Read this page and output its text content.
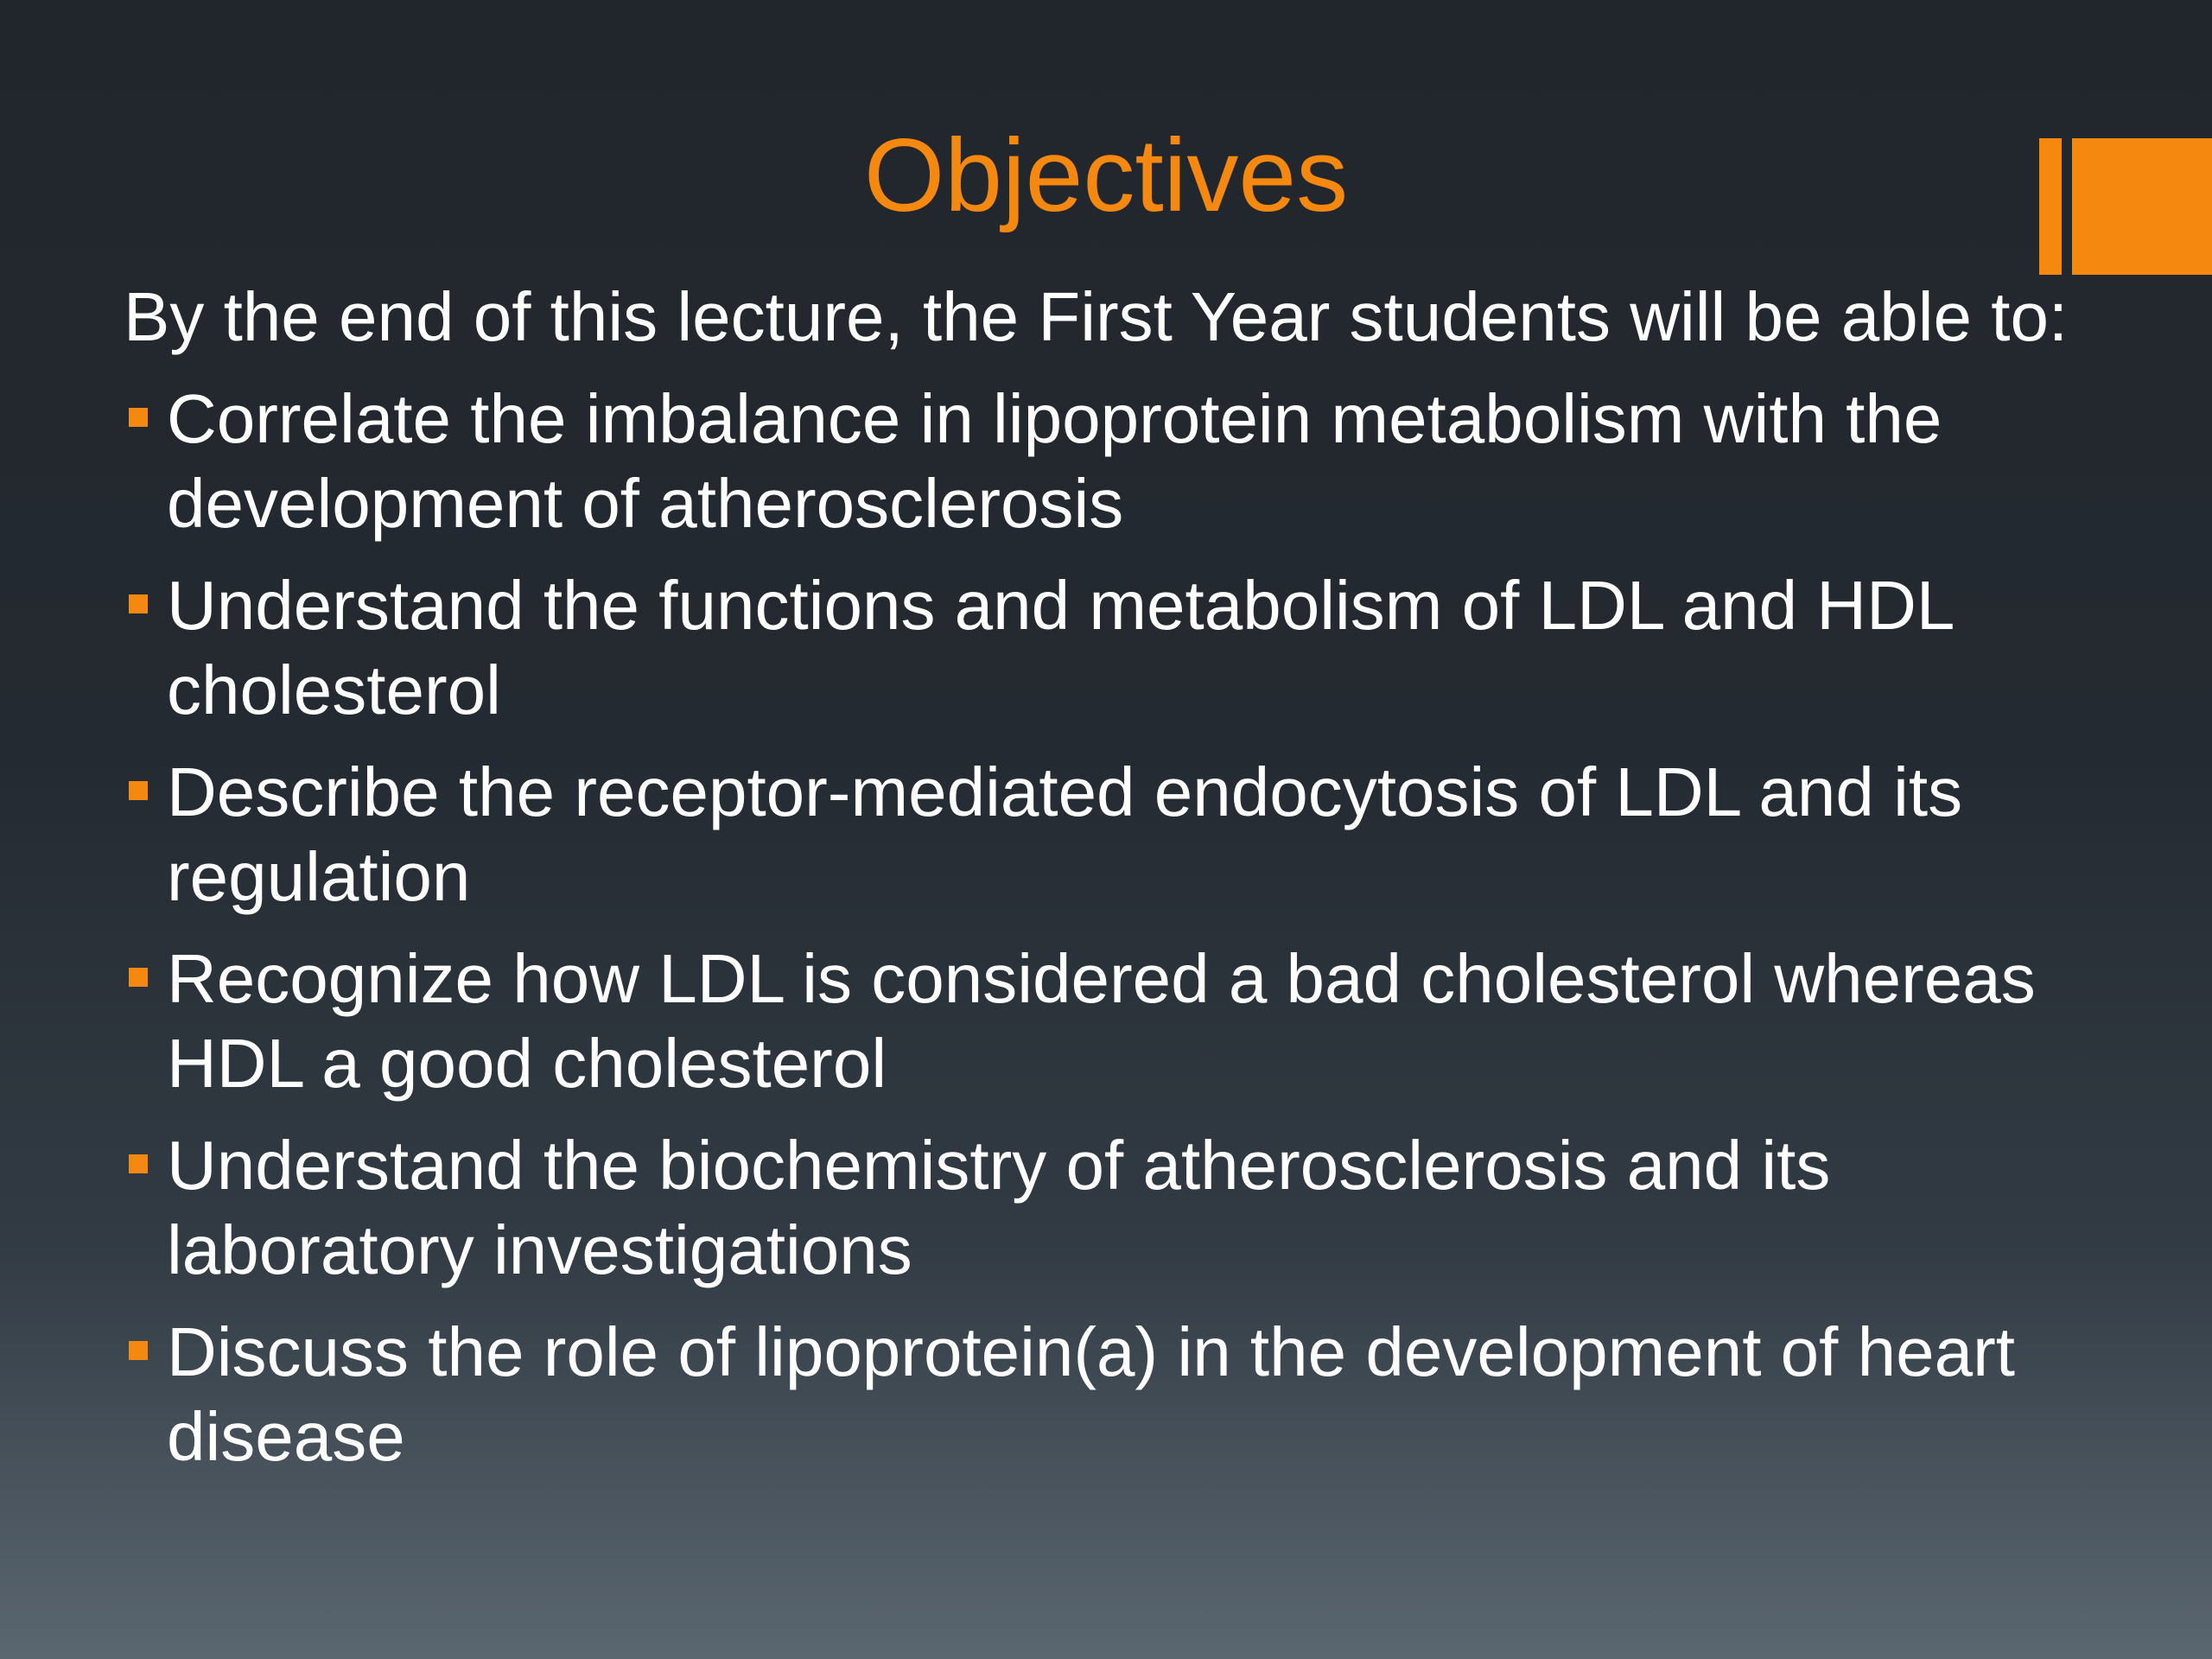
Objectives

By the end of this lecture, the First Year students will be able to:

Correlate the imbalance in lipoprotein metabolism with the development of atherosclerosis
Understand the functions and metabolism of LDL and HDL cholesterol
Describe the receptor-mediated endocytosis of LDL and its regulation
Recognize how LDL is considered a bad cholesterol whereas HDL a good cholesterol
Understand the biochemistry of atherosclerosis and its laboratory investigations
Discuss the role of lipoprotein(a) in the development of heart disease
